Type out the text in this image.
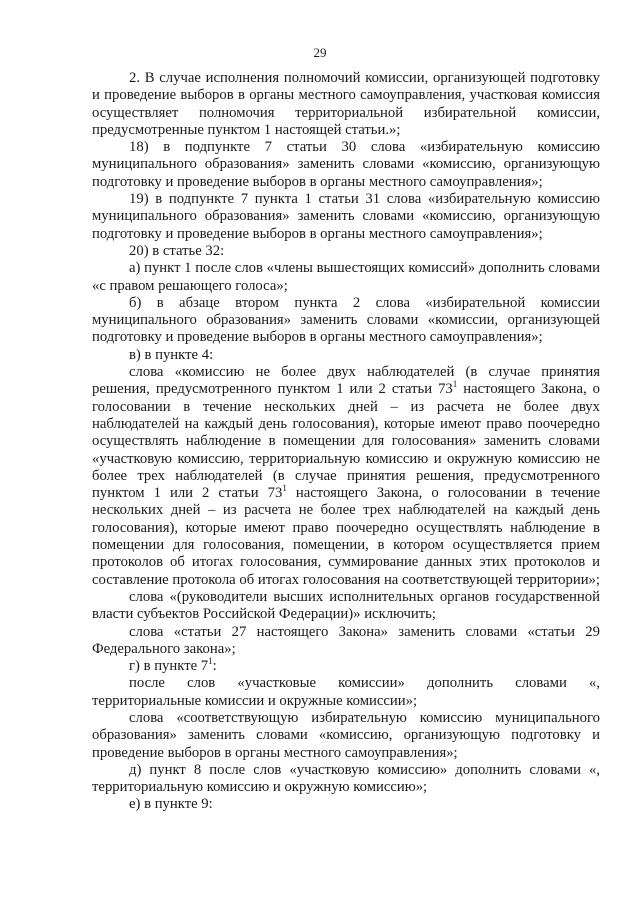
29

2. В случае исполнения полномочий комиссии, организующей подготовку и проведение выборов в органы местного самоуправления, участковая комиссия осуществляет полномочия территориальной избирательной комиссии, предусмотренные пунктом 1 настоящей статьи.»;

18) в подпункте 7 статьи 30 слова «избирательную комиссию муниципального образования» заменить словами «комиссию, организующую подготовку и проведение выборов в органы местного самоуправления»;

19) в подпункте 7 пункта 1 статьи 31 слова «избирательную комиссию муниципального образования» заменить словами «комиссию, организующую подготовку и проведение выборов в органы местного самоуправления»;

20) в статье 32:

а) пункт 1 после слов «члены вышестоящих комиссий» дополнить словами «с правом решающего голоса»;

б) в абзаце втором пункта 2 слова «избирательной комиссии муниципального образования» заменить словами «комиссии, организующей подготовку и проведение выборов в органы местного самоуправления»;

в) в пункте 4:

слова «комиссию не более двух наблюдателей (в случае принятия решения, предусмотренного пунктом 1 или 2 статьи $73^1$ настоящего Закона, о голосовании в течение нескольких дней – из расчета не более двух наблюдателей на каждый день голосования), которые имеют право поочередно осуществлять наблюдение в помещении для голосования» заменить словами «участковую комиссию, территориальную комиссию и окружную комиссию не более трех наблюдателей (в случае принятия решения, предусмотренного пунктом 1 или 2 статьи $73^1$ настоящего Закона, о голосовании в течение нескольких дней – из расчета не более трех наблюдателей на каждый день голосования), которые имеют право поочередно осуществлять наблюдение в помещении для голосования, помещении, в котором осуществляется прием протоколов об итогах голосования, суммирование данных этих протоколов и составление протокола об итогах голосования на соответствующей территории»;

слова «(руководители высших исполнительных органов государственной власти субъектов Российской Федерации)» исключить;

слова «статьи 27 настоящего Закона» заменить словами «статьи 29 Федерального закона»;

г) в пункте $7^1$:

после слов «участковые комиссии» дополнить словами «, территориальные комиссии и окружные комиссии»;

слова «соответствующую избирательную комиссию муниципального образования» заменить словами «комиссию, организующую подготовку и проведение выборов в органы местного самоуправления»;

д) пункт 8 после слов «участковую комиссию» дополнить словами «, территориальную комиссию и окружную комиссию»;

е) в пункте 9:
